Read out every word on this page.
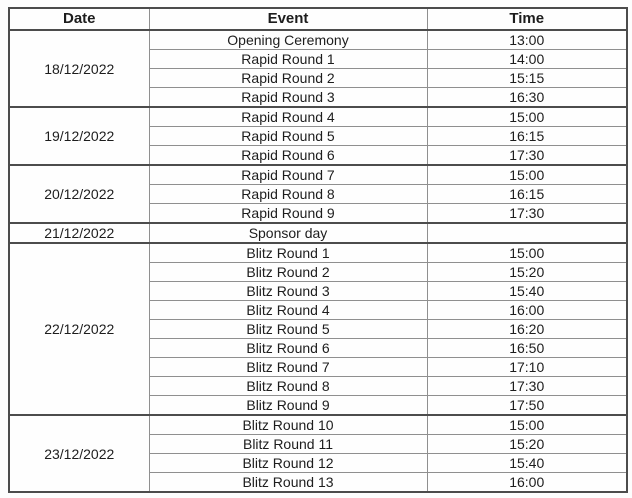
Date	Event	Time
18/12/2022	Opening Ceremony	13:00
	Rapid Round 1	14:00
	Rapid Round 2	15:15
	Rapid Round 3	16:30
19/12/2022	Rapid Round 4	15:00
	Rapid Round 5	16:15
	Rapid Round 6	17:30
20/12/2022	Rapid Round 7	15:00
	Rapid Round 8	16:15
	Rapid Round 9	17:30
21/12/2022	Sponsor day	
22/12/2022	Blitz Round 1	15:00
	Blitz Round 2	15:20
	Blitz Round 3	15:40
	Blitz Round 4	16:00
	Blitz Round 5	16:20
	Blitz Round 6	16:50
	Blitz Round 7	17:10
	Blitz Round 8	17:30
	Blitz Round 9	17:50
23/12/2022	Blitz Round 10	15:00
	Blitz Round 11	15:20
	Blitz Round 12	15:40
	Blitz Round 13	16:00
